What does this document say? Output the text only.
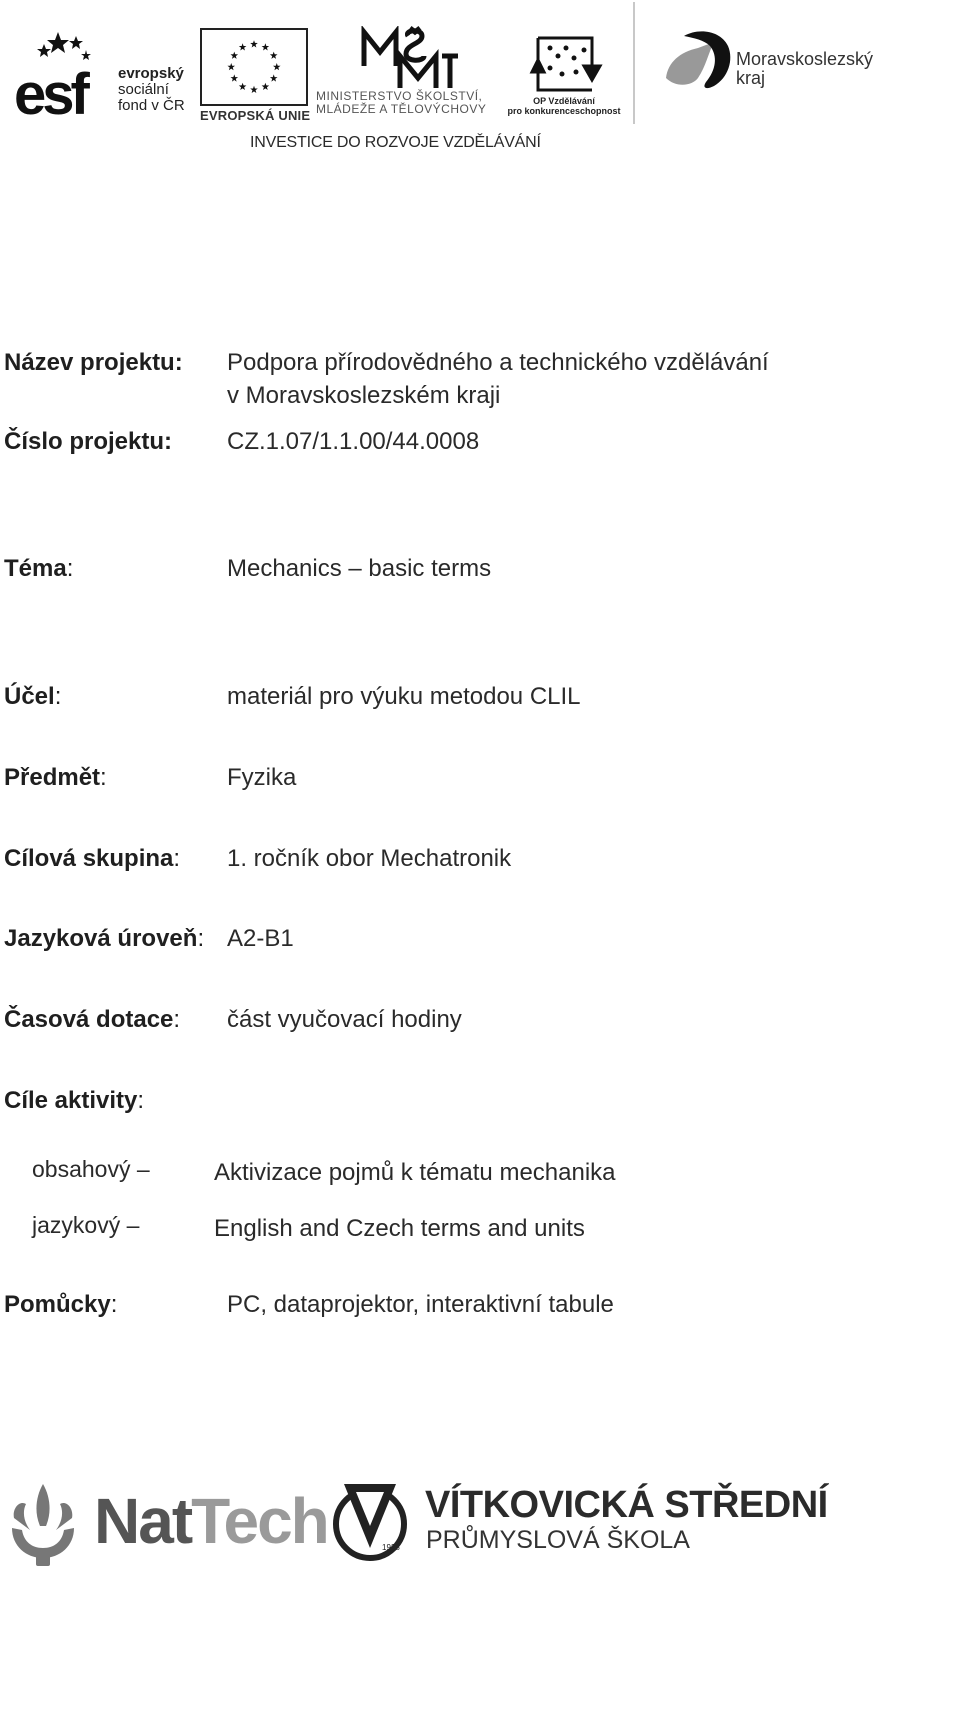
esf	evropský
sociální
fond v ČR
EVROPSKÁ UNIE
MINISTERSTVO ŠKOLSTVÍ,
MLÁDEŽE A TĚLOVÝCHOVY
OP Vzdělávání
pro konkurenceschopnost
Moravskoslezský
kraj
INVESTICE DO ROZVOJE VZDĚLÁVÁNÍ
Název projektu: Podpora přírodovědného a technického vzdělávání
v Moravskoslezském kraji
Číslo projektu: CZ.1.07/1.1.00/44.0008
Téma:	Mechanics – basic terms
Účel:	materiál pro výuku metodou CLIL
Předmět:	Fyzika
Cílová skupina: 1. ročník obor Mechatronik
Jazyková úroveň: A2-B1
Časová dotace: část vyučovací hodiny
Cíle aktivity:
obsahový –	Aktivizace pojmů k tématu mechanika
jazykový –	English and Czech terms and units
Pomůcky:	PC, dataprojektor, interaktivní tabule
NatTech	1928
VÍTKOVICKÁ STŘEDNÍ
PRŮMYSLOVÁ ŠKOLA
